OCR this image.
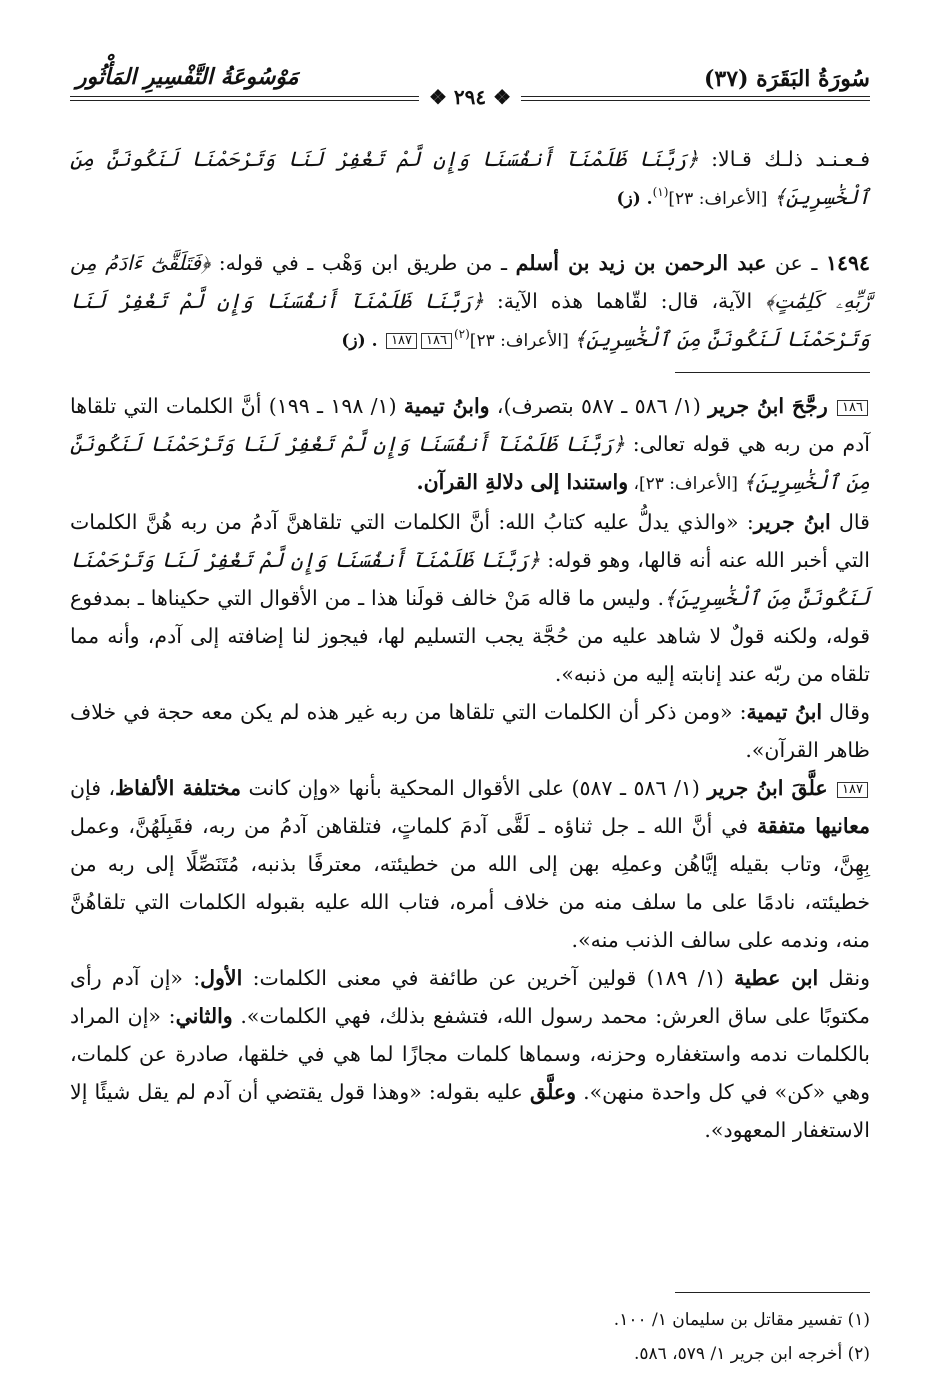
سُورَةُ البَقَرَة (٣٧)
مَوْسُوعَةُ التَّفْسِيرِ المَأْثُور
❖ ٢٩٤ ❖

فـعـنـد ذلـك قـالا: ﴿رَبَّنَا ظَلَمْنَآ أَنفُسَنَا وَإِن لَّمْ تَغْفِرْ لَنَا وَتَرْحَمْنَا لَنَكُونَنَّ مِنَ ٱلْخَٰسِرِينَ﴾ [الأعراف: ٢٣]$^{(١)}$. (ز)

١٤٩٤ ـ عن عبد الرحمن بن زيد بن أسلم ـ من طريق ابن وَهْب ـ في قوله: ﴿فَتَلَقَّىٰٓ ءَادَمُ مِن رَّبِّهِۦ كَلِمَٰتٍ﴾ الآية، قال: لقّاهما هذه الآية: ﴿رَبَّنَا ظَلَمْنَآ أَنفُسَنَا وَإِن لَّمْ تَغْفِرْ لَنَا وَتَرْحَمْنَا لَنَكُونَنَّ مِنَ ٱلْخَٰسِرِينَ﴾ [الأعراف: ٢٣]$^{(٢)}$١٨٦١٨٧ . (ز)

١٨٦ رجَّحَ ابنُ جرير (١/ ٥٨٦ ـ ٥٨٧ بتصرف)، وابنُ تيمية (١/ ١٩٨ ـ ١٩٩) أنَّ الكلمات التي تلقاها آدم من ربه هي قوله تعالى: ﴿رَبَّنَا ظَلَمْنَآ أَنفُسَنَا وَإِن لَّمْ تَغْفِرْ لَنَا وَتَرْحَمْنَا لَنَكُونَنَّ مِنَ ٱلْخَٰسِرِينَ﴾ [الأعراف: ٢٣]، واستندا إلى دلالةِ القرآن.

قال ابنُ جرير: «والذي يدلُّ عليه كتابُ الله: أنَّ الكلمات التي تلقاهنَّ آدمُ من ربه هُنَّ الكلمات التي أخبر الله عنه أنه قالها، وهو قوله: ﴿رَبَّنَا ظَلَمْنَآ أَنفُسَنَا وَإِن لَّمْ تَغْفِرْ لَنَا وَتَرْحَمْنَا لَنَكُونَنَّ مِنَ ٱلْخَٰسِرِينَ﴾. وليس ما قاله مَنْ خالف قولَنا هذا ـ من الأقوال التي حكيناها ـ بمدفوع قوله، ولكنه قولٌ لا شاهد عليه من حُجَّة يجب التسليم لها، فيجوز لنا إضافته إلى آدم، وأنه مما تلقاه من ربّه عند إنابته إليه من ذنبه».

وقال ابنُ تيمية: «ومن ذكر أن الكلمات التي تلقاها من ربه غير هذه لم يكن معه حجة في خلاف ظاهر القرآن».

١٨٧ علَّقَ ابنُ جرير (١/ ٥٨٦ ـ ٥٨٧) على الأقوال المحكية بأنها «وإن كانت مختلفة الألفاظ، فإن معانيها متفقة في أنَّ الله ـ جل ثناؤه ـ لَقَّى آدمَ كلماتٍ، فتلقاهن آدمُ من ربه، فقَبِلَهُنَّ، وعمل بِهِنَّ، وتاب بقيله إيَّاهُن وعملِه بهن إلى الله من خطيئته، معترفًا بذنبه، مُتَنَصِّلًا إلى ربه من خطيئته، نادمًا على ما سلف منه من خلاف أمره، فتاب الله عليه بقبوله الكلمات التي تلقاهُنَّ منه، وندمه على سالف الذنب منه».

ونقل ابن عطية (١/ ١٨٩) قولين آخرين عن طائفة في معنى الكلمات: الأول: «إن آدم رأى مكتوبًا على ساق العرش: محمد رسول الله، فتشفع بذلك، فهي الكلمات». والثاني: «إن المراد بالكلمات ندمه واستغفاره وحزنه، وسماها كلمات مجازًا لما هي في خلقها، صادرة عن كلمات، وهي «كن» في كل واحدة منهن». وعلَّق عليه بقوله: «وهذا قول يقتضي أن آدم لم يقل شيئًا إلا الاستغفار المعهود».

(١) تفسير مقاتل بن سليمان ١/ ١٠٠.
(٢) أخرجه ابن جرير ١/ ٥٧٩، ٥٨٦.
